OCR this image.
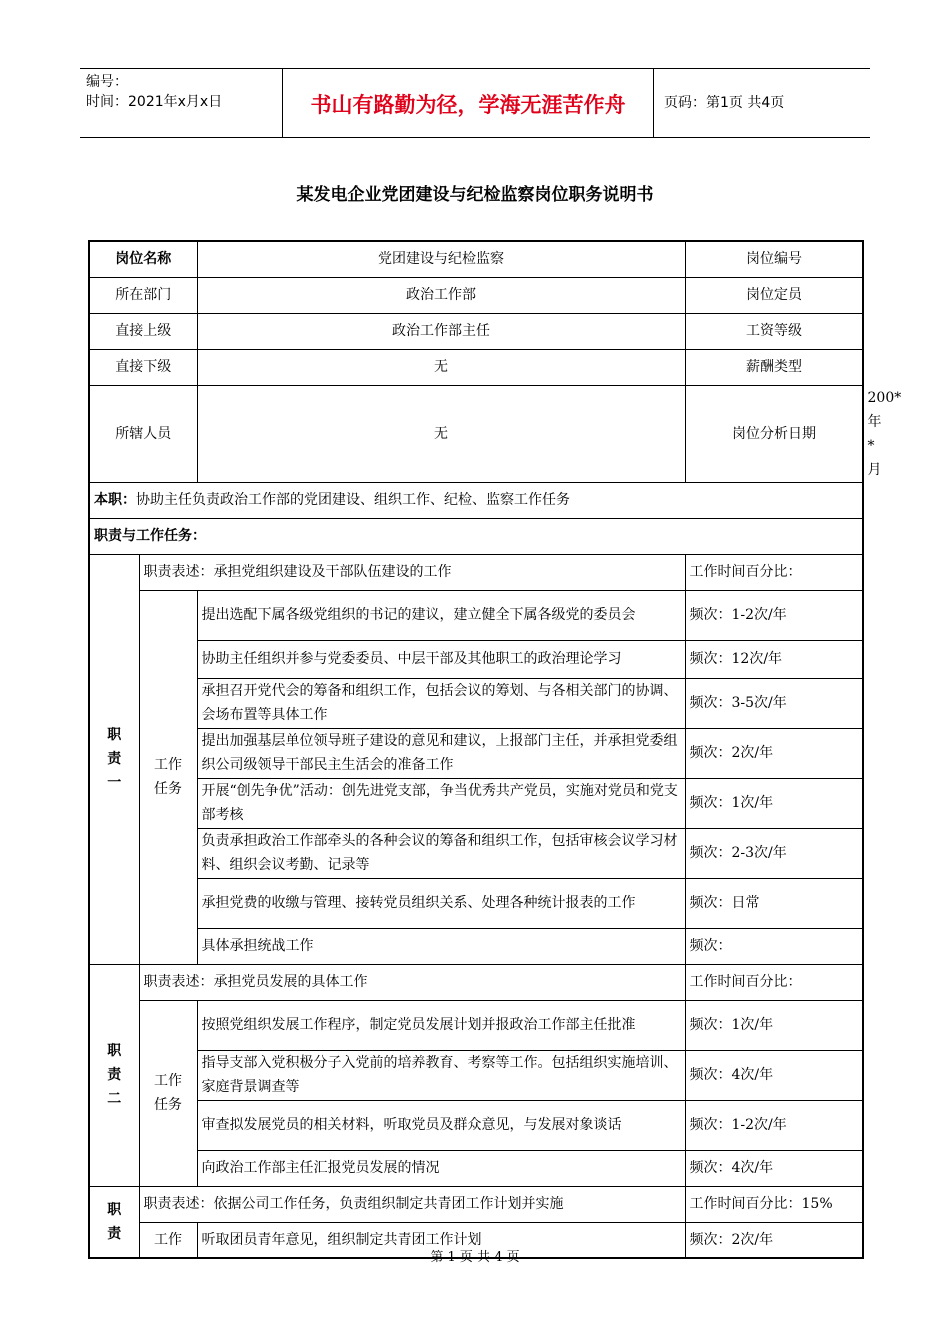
编号：
时间：2021年x月x日	书山有路勤为径，学海无涯苦作舟	页码：第1页 共4页
某发电企业党团建设与纪检监察岗位职务说明书
岗位名称		党团建设与纪检监察	岗位编号	
所在部门		政治工作部	岗位定员	
直接上级		政治工作部主任	工资等级	
直接下级		无	薪酬类型	
所辖人员		无	岗位分析日期	200*年*月
本职：协助主任负责政治工作部的党团建设、组织工作、纪检、监察工作任务				
职责与工作任务：				

职责一	职责表述：承担党组织建设及干部队伍建设的工作		工作时间百分比：	

	工作任务	提出选配下属各级党组织的书记的建议，建立健全下属各级党的委员会	频次：1-2次/年	
		协助主任组织并参与党委委员、中层干部及其他职工的政治理论学习	频次：12次/年	
		承担召开党代会的筹备和组织工作，包括会议的筹划、与各相关部门的协调、会场布置等具体工作	频次：3-5次/年	
		提出加强基层单位领导班子建设的意见和建议，上报部门主任，并承担党委组织公司级领导干部民主生活会的准备工作	频次：2次/年	
		开展“创先争优”活动：创先进党支部，争当优秀共产党员，实施对党员和党支部考核	频次：1次/年	
		负责承担政治工作部牵头的各种会议的筹备和组织工作，包括审核会议学习材料、组织会议考勤、记录等	频次：2-3次/年	
		承担党费的收缴与管理、接转党员组织关系、处理各种统计报表的工作	频次：日常	
		具体承担统战工作	频次：	

职责二	职责表述：承担党员发展的具体工作		工作时间百分比：	

	工作任务	按照党组织发展工作程序，制定党员发展计划并报政治工作部主任批准	频次：1次/年	
		指导支部入党积极分子入党前的培养教育、考察等工作。包括组织实施培训、家庭背景调查等	频次：4次/年	
		审查拟发展党员的相关材料，听取党员及群众意见，与发展对象谈话	频次：1-2次/年	
		向政治工作部主任汇报党员发展的情况	频次：4次/年	

职责	职责表述：依据公司工作任务，负责组织制定共青团工作计划并实施		工作时间百分比：15%	

	工作	听取团员青年意见，组织制定共青团工作计划	频次：2次/年	
第 1 页 共 4 页
